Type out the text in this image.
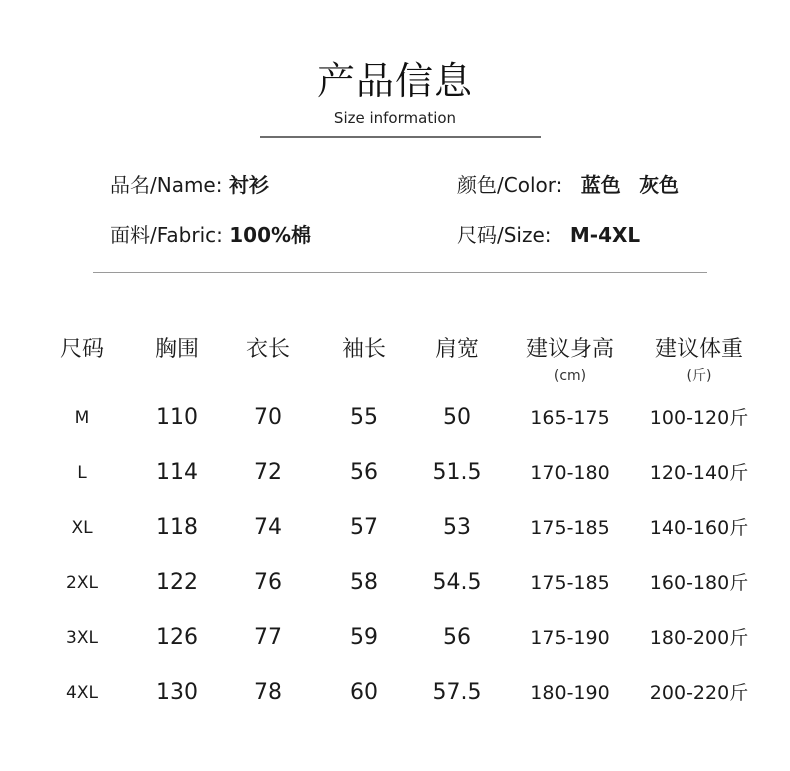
产品信息
Size information
品名/Name: 衬衫
面料/Fabric: 100%棉
颜色/Color: 蓝色 灰色
尺码/Size: M-4XL
尺码 胸围 衣长 袖长 肩宽 建议身高 建议体重
(cm)	(斤)
M	110	70	55	50	165-175 100-120斤
L	114	72	56 51.5	170-180 120-140斤
XL	118	74	57	53	175-185 140-160斤
2XL	122	76	58 54.5	175-185 160-180斤
3XL	126	77	59	56	175-190 180-200斤
4XL	130	78	60 57.5	180-190 200-220斤
